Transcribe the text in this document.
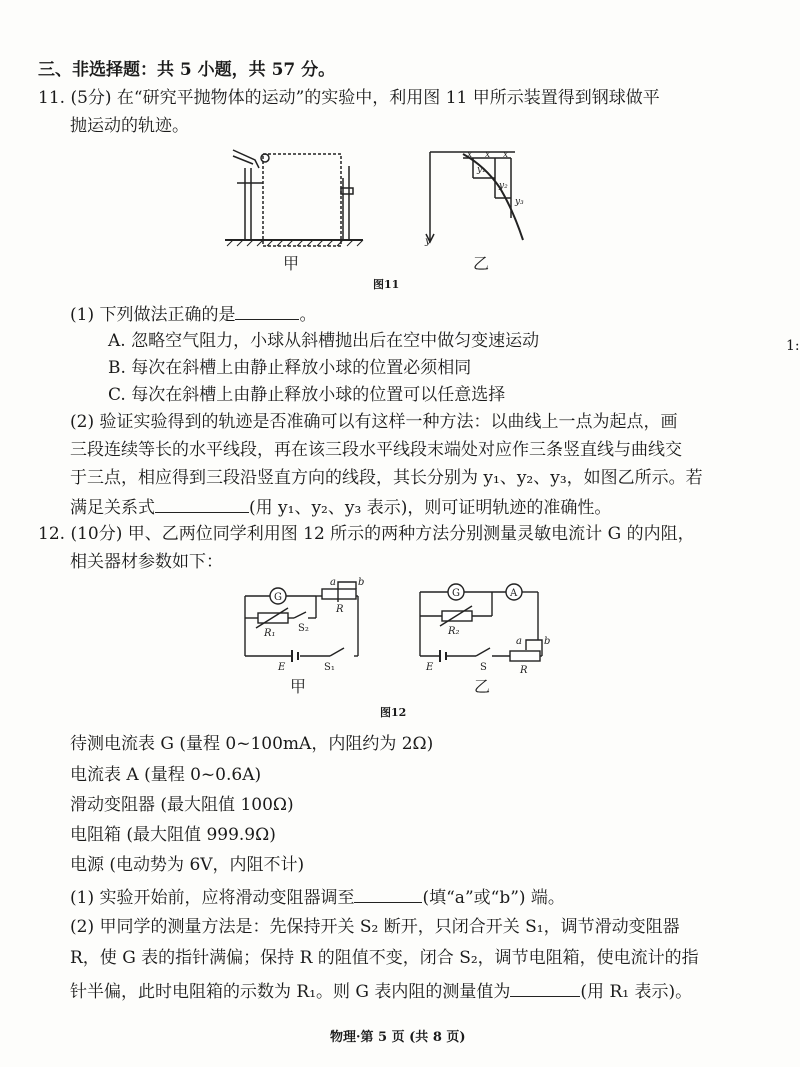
三、非选择题：共 5 小题，共 57 分。
11. (5分) 在“研究平抛物体的运动”的实验中，利用图 11 甲所示装置得到钢球做平
抛运动的轨迹。
甲
x x x
y₁
y₂
y₃
y
乙
图11
(1) 下列做法正确的是	。
A. 忽略空气阻力，小球从斜槽抛出后在空中做匀变速运动
B. 每次在斜槽上由静止释放小球的位置必须相同
C. 每次在斜槽上由静止释放小球的位置可以任意选择
(2) 验证实验得到的轨迹是否准确可以有这样一种方法：以曲线上一点为起点，画
三段连续等长的水平线段，再在该三段水平线段末端处对应作三条竖直线与曲线交
于三点，相应得到三段沿竖直方向的线段，其长分别为 y₁、y₂、y₃，如图乙所示。若
满足关系式	(用 y₁、y₂、y₃ 表示)，则可证明轨迹的准确性。
1:
12. (10分) 甲、乙两位同学利用图 12 所示的两种方法分别测量灵敏电流计 G 的内阻，
相关器材参数如下：
G
a b
R
R₁ S₂
E	S₁
甲
G	A
R₂
E	S
a b
R
乙
图12
待测电流表 G (量程 0~100mA，内阻约为 2Ω)
电流表 A (量程 0~0.6A)
滑动变阻器 (最大阻值 100Ω)
电阻箱 (最大阻值 999.9Ω)
电源 (电动势为 6V，内阻不计)
(1) 实验开始前，应将滑动变阻器调至	(填“a”或“b”) 端。
(2) 甲同学的测量方法是：先保持开关 S₂ 断开，只闭合开关 S₁，调节滑动变阻器
R，使 G 表的指针满偏；保持 R 的阻值不变，闭合 S₂，调节电阻箱，使电流计的指
针半偏，此时电阻箱的示数为 R₁。则 G 表内阻的测量值为	(用 R₁ 表示)。
物理·第 5 页 (共 8 页)
